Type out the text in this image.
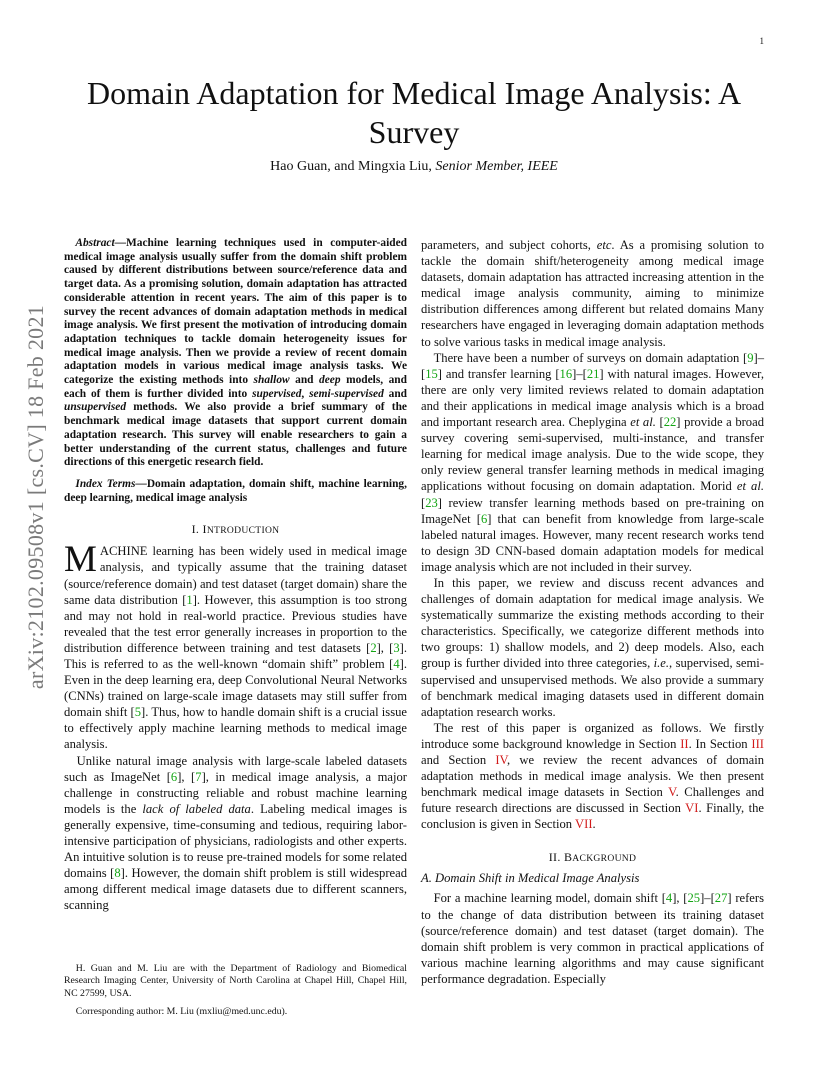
1
arXiv:2102.09508v1 [cs.CV] 18 Feb 2021
Domain Adaptation for Medical Image Analysis: A Survey
Hao Guan, and Mingxia Liu, Senior Member, IEEE

Abstract—Machine learning techniques used in computer-aided medical image analysis usually suffer from the domain shift problem caused by different distributions between source/reference data and target data. As a promising solution, domain adaptation has attracted considerable attention in recent years. The aim of this paper is to survey the recent advances of domain adaptation methods in medical image analysis. We first present the motivation of introducing domain adaptation techniques to tackle domain heterogeneity issues for medical image analysis. Then we provide a review of recent domain adaptation models in various medical image analysis tasks. We categorize the existing methods into shallow and deep models, and each of them is further divided into supervised, semi-supervised and unsupervised methods. We also provide a brief summary of the benchmark medical image datasets that support current domain adaptation research. This survey will enable researchers to gain a better understanding of the current status, challenges and future directions of this energetic research field.

Index Terms—Domain adaptation, domain shift, machine learning, deep learning, medical image analysis

I. INTRODUCTION

MACHINE learning has been widely used in medical image analysis, and typically assume that the training dataset (source/reference domain) and test dataset (target domain) share the same data distribution [1]. However, this assumption is too strong and may not hold in real-world practice. Previous studies have revealed that the test error generally increases in proportion to the distribution difference between training and test datasets [2], [3]. This is referred to as the well-known “domain shift” problem [4]. Even in the deep learning era, deep Convolutional Neural Networks (CNNs) trained on large-scale image datasets may still suffer from domain shift [5]. Thus, how to handle domain shift is a crucial issue to effectively apply machine learning methods to medical image analysis.

Unlike natural image analysis with large-scale labeled datasets such as ImageNet [6], [7], in medical image analysis, a major challenge in constructing reliable and robust machine learning models is the lack of labeled data. Labeling medical images is generally expensive, time-consuming and tedious, requiring labor-intensive participation of physicians, radiologists and other experts. An intuitive solution is to reuse pre-trained models for some related domains [8]. However, the domain shift problem is still widespread among different medical image datasets due to different scanners, scanning

parameters, and subject cohorts, etc. As a promising solution to tackle the domain shift/heterogeneity among medical image datasets, domain adaptation has attracted increasing attention in the medical image analysis community, aiming to minimize distribution differences among different but related domains Many researchers have engaged in leveraging domain adaptation methods to solve various tasks in medical image analysis.

There have been a number of surveys on domain adaptation [9]–[15] and transfer learning [16]–[21] with natural images. However, there are only very limited reviews related to domain adaptation and their applications in medical image analysis which is a broad and important research area. Cheplygina et al. [22] provide a broad survey covering semi-supervised, multi-instance, and transfer learning for medical image analysis. Due to the wide scope, they only review general transfer learning methods in medical imaging applications without focusing on domain adaptation. Morid et al. [23] review transfer learning methods based on pre-training on ImageNet [6] that can benefit from knowledge from large-scale labeled natural images. However, many recent research works tend to design 3D CNN-based domain adaptation models for medical image analysis which are not included in their survey.

In this paper, we review and discuss recent advances and challenges of domain adaptation for medical image analysis. We systematically summarize the existing methods according to their characteristics. Specifically, we categorize different methods into two groups: 1) shallow models, and 2) deep models. Also, each group is further divided into three categories, i.e., supervised, semi-supervised and unsupervised methods. We also provide a summary of benchmark medical imaging datasets used in different domain adaptation research works.

The rest of this paper is organized as follows. We firstly introduce some background knowledge in Section II. In Section III and Section IV, we review the recent advances of domain adaptation methods in medical image analysis. We then present benchmark medical image datasets in Section V. Challenges and future research directions are discussed in Section VI. Finally, the conclusion is given in Section VII.

II. BACKGROUND
A. Domain Shift in Medical Image Analysis

For a machine learning model, domain shift [4], [25]–[27] refers to the change of data distribution between its training dataset (source/reference domain) and test dataset (target domain). The domain shift problem is very common in practical applications of various machine learning algorithms and may cause significant performance degradation. Especially

H. Guan and M. Liu are with the Department of Radiology and Biomedical Research Imaging Center, University of North Carolina at Chapel Hill, Chapel Hill, NC 27599, USA.

Corresponding author: M. Liu (mxliu@med.unc.edu).
